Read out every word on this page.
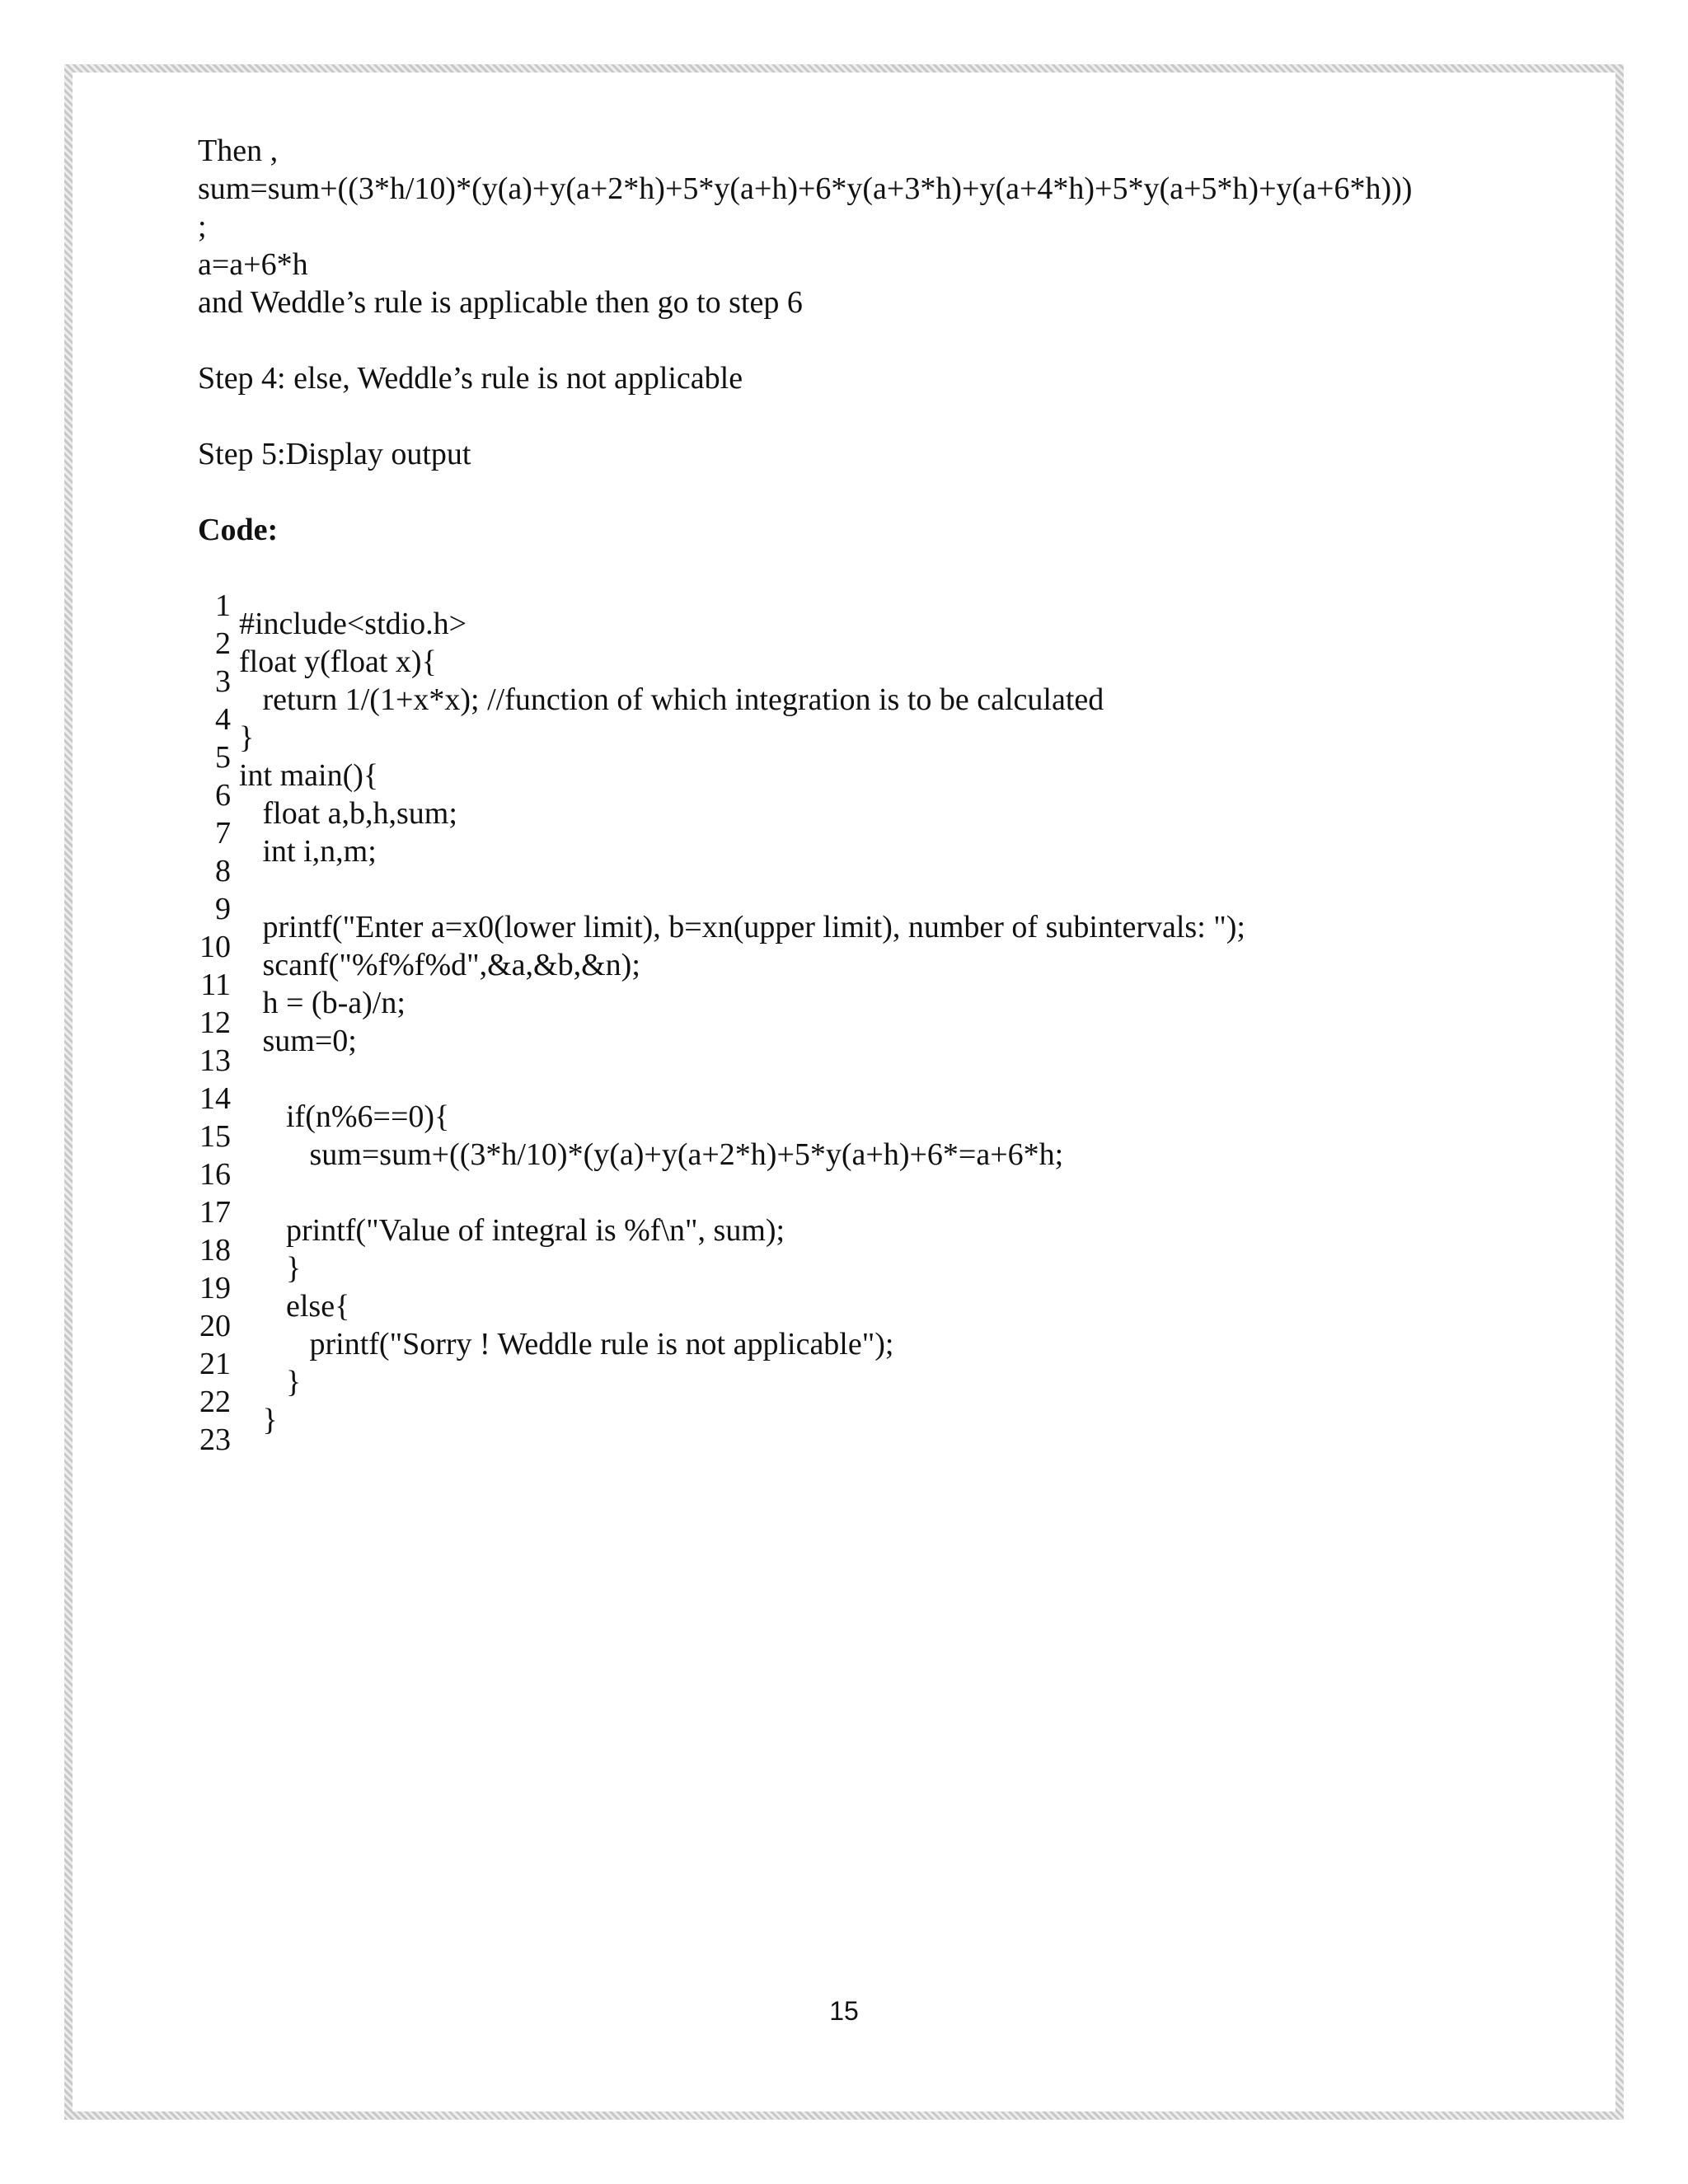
Then ,

sum=sum+((3*h/10)*(y(a)+y(a+2*h)+5*y(a+h)+6*y(a+3*h)+y(a+4*h)+5*y(a+5*h)+y(a+6*h)))

;

a=a+6*h

and Weddle’s rule is applicable then go to step 6

Step 4: else, Weddle’s rule is not applicable

Step 5:Display output

Code:

1
2
3
4
5
6
7
8
9
10
11
12
13
14
15
16
17
18
19
20
21
22
23
#include<stdio.h>
float y(float x){
return 1/(1+x*x); //function of which integration is to be calculated
}
int main(){
float a,b,h,sum;
int i,n,m;
printf("Enter a=x0(lower limit), b=xn(upper limit), number of subintervals: ");
scanf("%f%f%d",&a,&b,&n);
h = (b-a)/n;
sum=0;
if(n%6==0){
sum=sum+((3*h/10)*(y(a)+y(a+2*h)+5*y(a+h)+6*=a+6*h;
printf("Value of integral is %f\n", sum);
}
else{
printf("Sorry ! Weddle rule is not applicable");
}
}
15
